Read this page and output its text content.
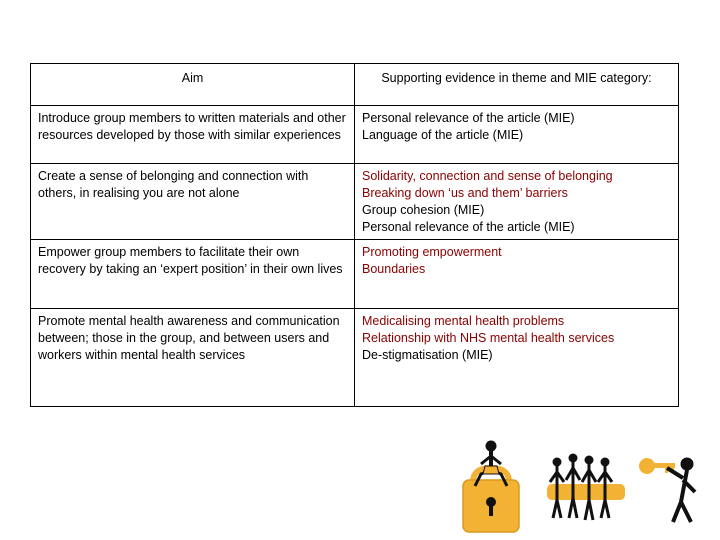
Aim	Supporting evidence in theme and MIE category:
Introduce group members to written materials and other resources developed by those with similar experiences	Personal relevance of the article (MIE)
Language of the article (MIE)

Create a sense of belonging and connection with others, in realising you are not alone	Solidarity, connection and sense of belonging
Breaking down ‘us and them’ barriers
Group cohesion (MIE)
Personal relevance of the article (MIE)

Empower group members to facilitate their own recovery by taking an ‘expert position’ in their own lives	Promoting empowerment
Boundaries

Promote mental health awareness and communication between; those in the group, and between users and workers within mental health services	Medicalising mental health problems
Relationship with NHS mental health services
De-stigmatisation (MIE)
